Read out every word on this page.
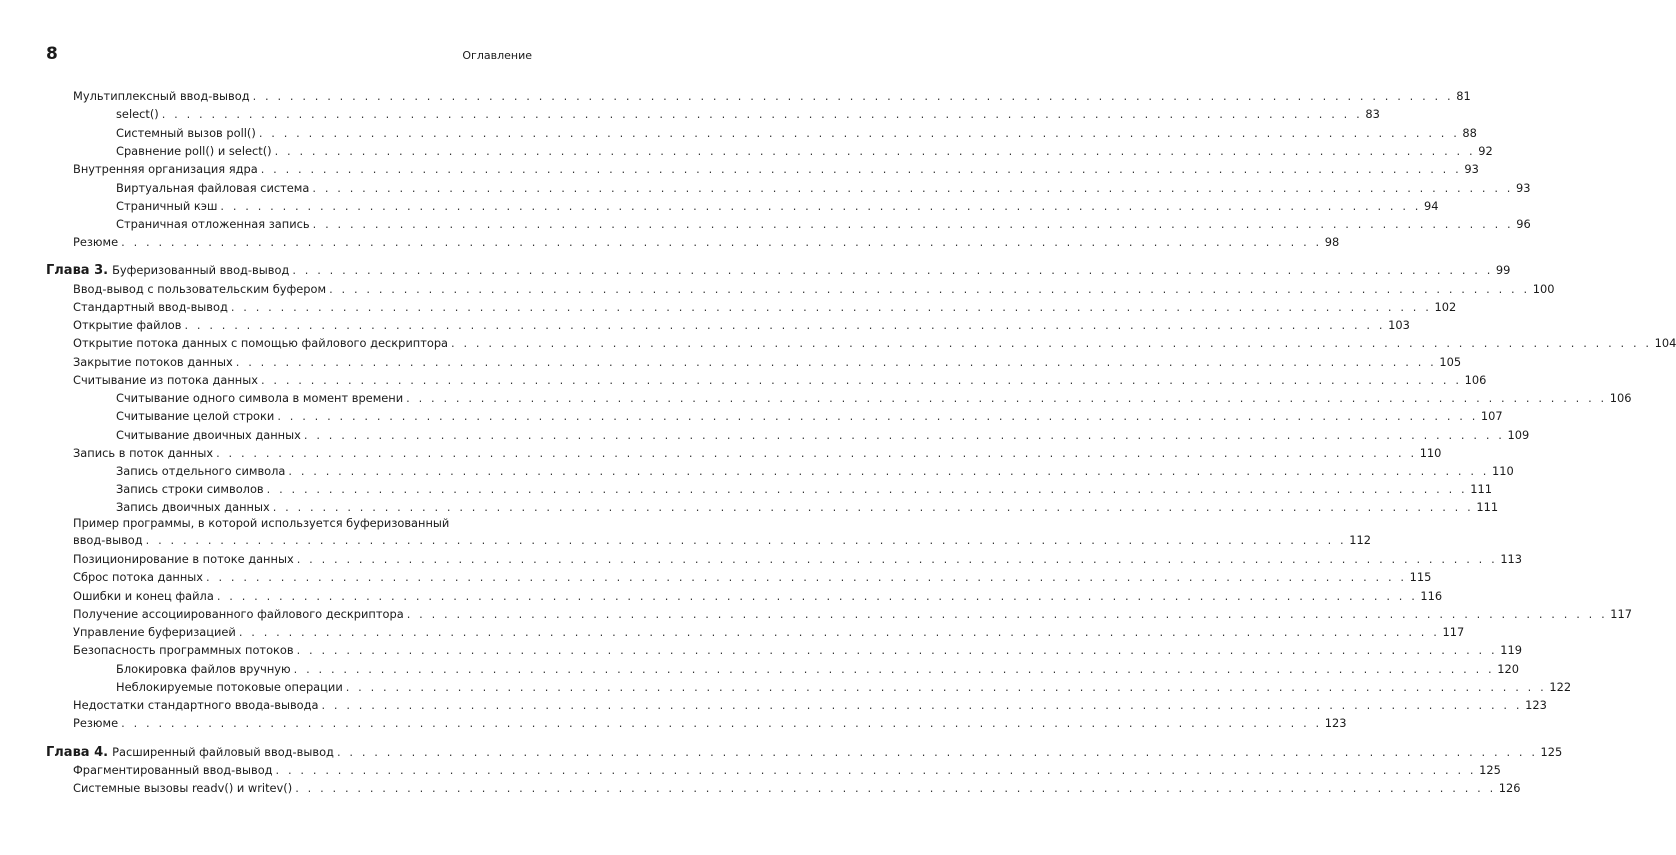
8	Оглавление
Мультиплексный ввод-вывод . . .	81
select() . . .	83
Системный вызов poll() . . .	88
Сравнение poll() и select() . . .	92
Внутренняя организация ядра . . .	93
Виртуальная файловая система . . .	93
Страничный кэш . . .	94
Страничная отложенная запись . . .	96
Резюме . . .	98
Глава 3. Буферизованный ввод-вывод . . .	99
Ввод-вывод с пользовательским буфером . . .	100
Стандартный ввод-вывод . . .	102
Открытие файлов . . .	103
Открытие потока данных с помощью файлового дескриптора . . .	104
Закрытие потоков данных . . .	105
Считывание из потока данных . . .	106
Считывание одного символа в момент времени . . .	106
Считывание целой строки . . .	107
Считывание двоичных данных . . .	109
Запись в поток данных . . .	110
Запись отдельного символа . . .	110
Запись строки символов . . .	111
Запись двоичных данных . . .	111
Пример программы, в которой используется буферизованный
ввод-вывод . . .	112
Позиционирование в потоке данных . . .	113
Сброс потока данных . . .	115
Ошибки и конец файла . . .	116
Получение ассоциированного файлового дескриптора . . .	117
Управление буферизацией . . .	117
Безопасность программных потоков . . .	119
Блокировка файлов вручную . . .	120
Неблокируемые потоковые операции . . .	122
Недостатки стандартного ввода-вывода . . .	123
Резюме . . .	123
Глава 4. Расширенный файловый ввод-вывод . . .	125
Фрагментированный ввод-вывод . . .	125
Системные вызовы readv() и writev() . . .	126
